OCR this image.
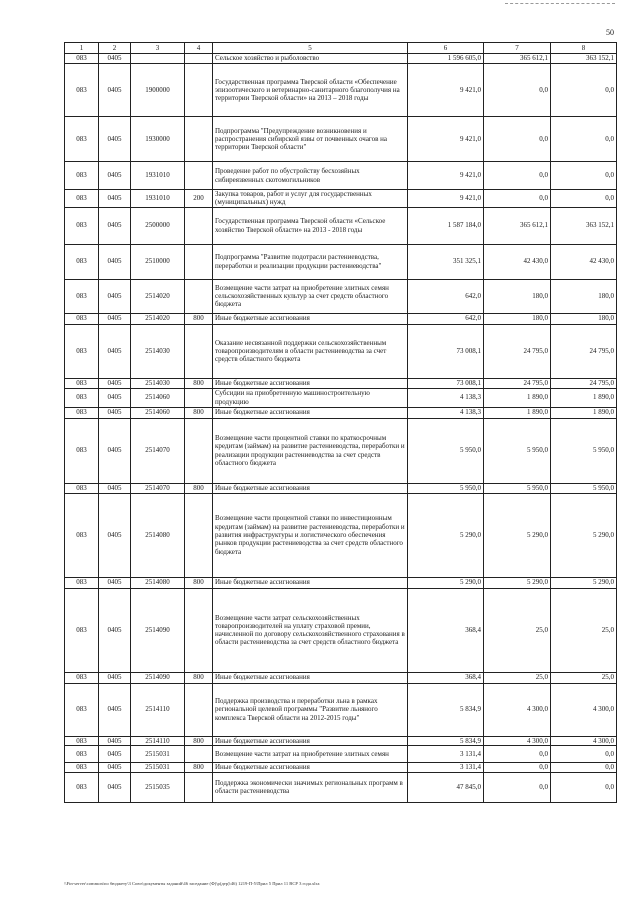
50
1	2	3	4	5	6	7	8
083	0405			Сельское хозяйство и рыболовство	1 596 605,0	365 612,1	363 152,1
083	0405	1900000		Государственная программа Тверской области «Обеспечение эпизоотического и ветеринарно-санитарного благополучия на территории Тверской области» на 2013 – 2018 годы	9 421,0	0,0	0,0
083	0405	1930000		Подпрограмма "Предупреждение возникновения и распространения сибирской язвы от почвенных очагов на территории Тверской области"	9 421,0	0,0	0,0
083	0405	1931010		Проведение работ по обустройству бесхозяйных сибиреязвенных скотомогильников	9 421,0	0,0	0,0
083	0405	1931010	200	Закупка товаров, работ и услуг для государственных (муниципальных) нужд	9 421,0	0,0	0,0
083	0405	2500000		Государственная программа Тверской области «Сельское хозяйство Тверской области» на 2013 - 2018 годы	1 587 184,0	365 612,1	363 152,1
083	0405	2510000		Подпрограмма "Развитие подотрасли растениеводства, переработки и реализации продукции растениеводства"	351 325,1	42 430,0	42 430,0
083	0405	2514020		Возмещение части затрат на приобретение элитных семян сельскохозяйственных культур за счет средств областного бюджета	642,0	180,0	180,0
083	0405	2514020	800	Иные бюджетные ассигнования	642,0	180,0	180,0
083	0405	2514030		Оказание несвязанной поддержки сельскохозяйственным товаропроизводителям в области растениеводства за счет средств областного бюджета	73 008,1	24 795,0	24 795,0
083	0405	2514030	800	Иные бюджетные ассигнования	73 008,1	24 795,0	24 795,0
083	0405	2514060		Субсидии на приобретенную машиностроительную продукцию	4 138,3	1 890,0	1 890,0
083	0405	2514060	800	Иные бюджетные ассигнования	4 138,3	1 890,0	1 890,0
083	0405	2514070		Возмещение части процентной ставки по краткосрочным кредитам (займам) на развитие растениеводства, переработки и реализации продукции растениеводства за счет средств областного бюджета	5 950,0	5 950,0	5 950,0
083	0405	2514070	800	Иные бюджетные ассигнования	5 950,0	5 950,0	5 950,0
083	0405	2514080		Возмещение части процентной ставки по инвестиционным кредитам (займам) на развитие растениеводства, переработки и развития инфраструктуры и логистического обеспечения рынков продукции растениеводства за счет средств областного бюджета	5 290,0	5 290,0	5 290,0
083	0405	2514080	800	Иные бюджетные ассигнования	5 290,0	5 290,0	5 290,0
083	0405	2514090		Возмещение части затрат сельскохозяйственных товаропроизводителей на уплату страховой премии, начисленной по договору сельскохозяйственного страхования в области растениеводства за счет средств областного бюджета	368,4	25,0	25,0
083	0405	2514090	800	Иные бюджетные ассигнования	368,4	25,0	25,0
083	0405	2514110		Поддержка производства и переработки льна в рамках региональной целевой программы "Развитие льняного комплекса Тверской области на 2012-2015 годы"	5 834,9	4 300,0	4 300,0
083	0405	2514110	800	Иные бюджетные ассигнования	5 834,9	4 300,0	4 300,0
083	0405	2515031		Возмещение части затрат на приобретение элитных семян	3 131,4	0,0	0,0
083	0405	2515031	800	Иные бюджетные ассигнования	3 131,4	0,0	0,0
083	0405	2515035		Поддержка экономически значимых региональных программ в области растениеводства	47 845,0	0,0	0,0
\\Fin-server\common\по бюджету\3 Союз\документы заданий\46 заседание (Ф)\р(дер)\46) 1219-П-5\Прил 5 Прил 11 ВСР 3 года.xlsx
